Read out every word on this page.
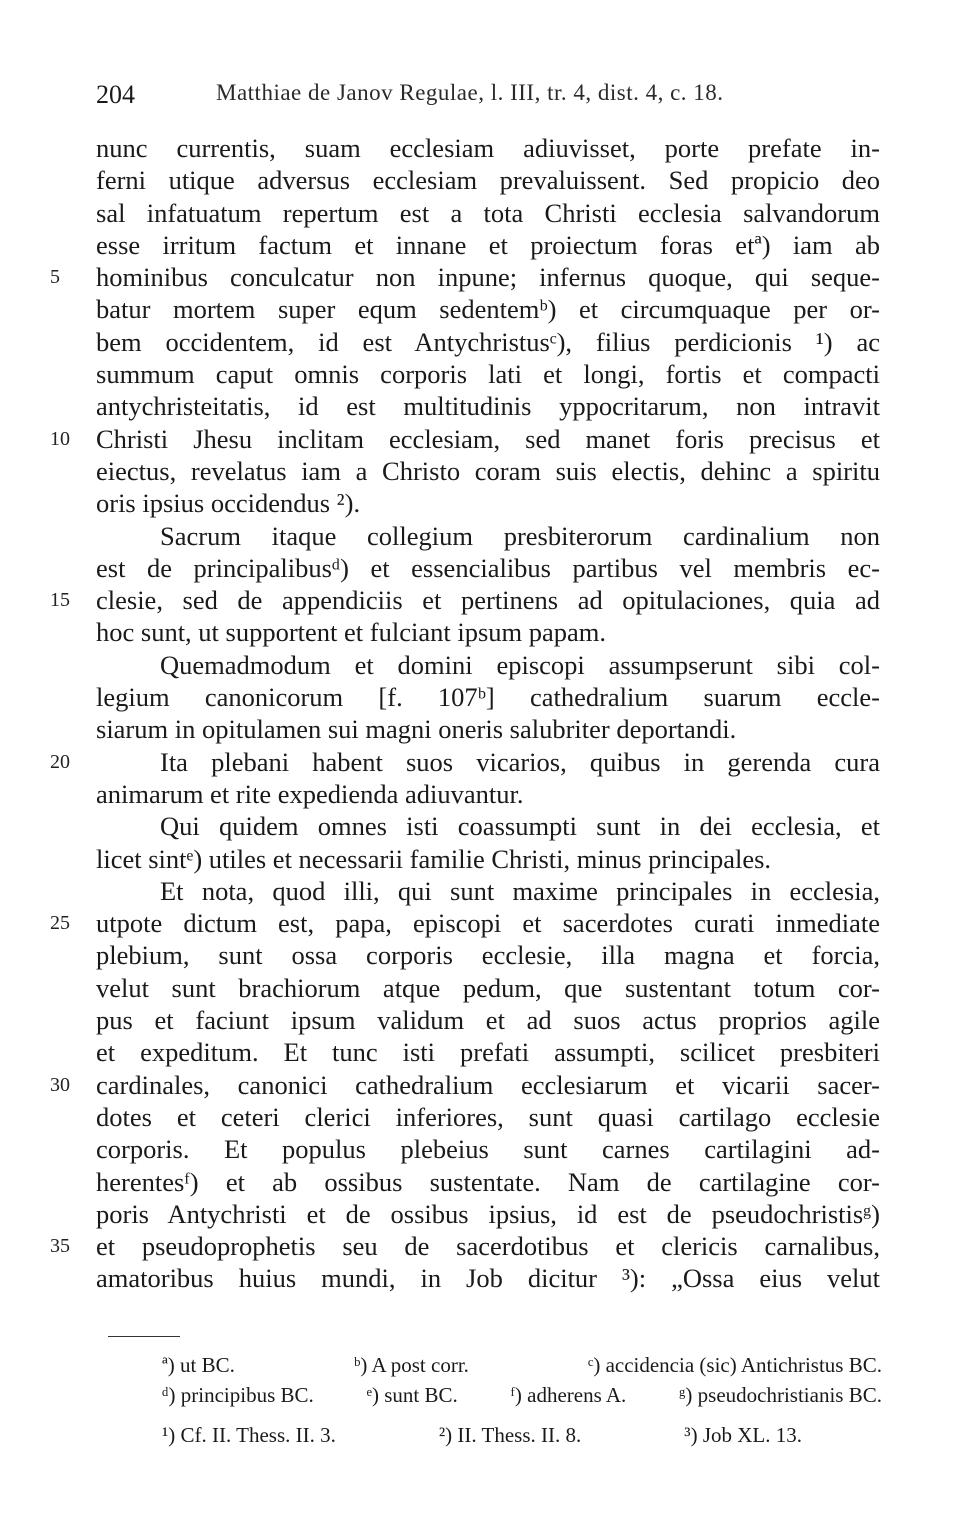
204	Matthiae de Janov Regulae, l. III, tr. 4, dist. 4, c. 18.
nunc currentis, suam ecclesiam adiuvisset, porte prefate in-
ferni utique adversus ecclesiam prevaluissent. Sed propicio deo
sal infatuatum repertum est a tota Christi ecclesia salvandorum
esse irritum factum et innane et proiectum foras etª) iam ab
5 hominibus conculcatur non inpune; infernus quoque, qui seque-
batur mortem super equm sedentemᵇ) et circumquaque per or-
bem occidentem, id est Antychristusᶜ), filius perdicionis ¹) ac
summum caput omnis corporis lati et longi, fortis et compacti
antychristeitatis, id est multitudinis yppocritarum, non intravit
10 Christi Jhesu inclitam ecclesiam, sed manet foris precisus et
eiectus, revelatus iam a Christo coram suis electis, dehinc a spiritu
oris ipsius occidendus ²).
Sacrum itaque collegium presbiterorum cardinalium non
est de principalibusᵈ) et essencialibus partibus vel membris ec-
15 clesie, sed de appendiciis et pertinens ad opitulaciones, quia ad
hoc sunt, ut supportent et fulciant ipsum papam.
Quemadmodum et domini episcopi assumpserunt sibi col-
legium canonicorum [f. 107ᵇ] cathedralium suarum eccle-
siarum in opitulamen sui magni oneris salubriter deportandi.
20	Ita plebani habent suos vicarios, quibus in gerenda cura
animarum et rite expedienda adiuvantur.
Qui quidem omnes isti coassumpti sunt in dei ecclesia, et
licet sintᵉ) utiles et necessarii familie Christi, minus principales.
Et nota, quod illi, qui sunt maxime principales in ecclesia,
25 utpote dictum est, papa, episcopi et sacerdotes curati inmediate
plebium, sunt ossa corporis ecclesie, illa magna et forcia,
velut sunt brachiorum atque pedum, que sustentant totum cor-
pus et faciunt ipsum validum et ad suos actus proprios agile
et expeditum. Et tunc isti prefati assumpti, scilicet presbiteri
30 cardinales, canonici cathedralium ecclesiarum et vicarii sacer-
dotes et ceteri clerici inferiores, sunt quasi cartilago ecclesie
corporis. Et populus plebeius sunt carnes cartilagini ad-
herentesᶠ) et ab ossibus sustentate. Nam de cartilagine cor-
poris Antychristi et de ossibus ipsius, id est de pseudochristisᵍ)
35 et pseudoprophetis seu de sacerdotibus et clericis carnalibus,
amatoribus huius mundi, in Job dicitur ³): „Ossa eius velut
ª) ut BC.	ᵇ) A post corr.	ᶜ) accidencia (sic) Antichristus BC.
ᵈ) principibus BC.	ᵉ) sunt BC.	ᶠ) adherens A.	ᵍ) pseudochristianis BC.
¹) Cf. II. Thess. II. 3.	²) II. Thess. II. 8.	³) Job XL. 13.
